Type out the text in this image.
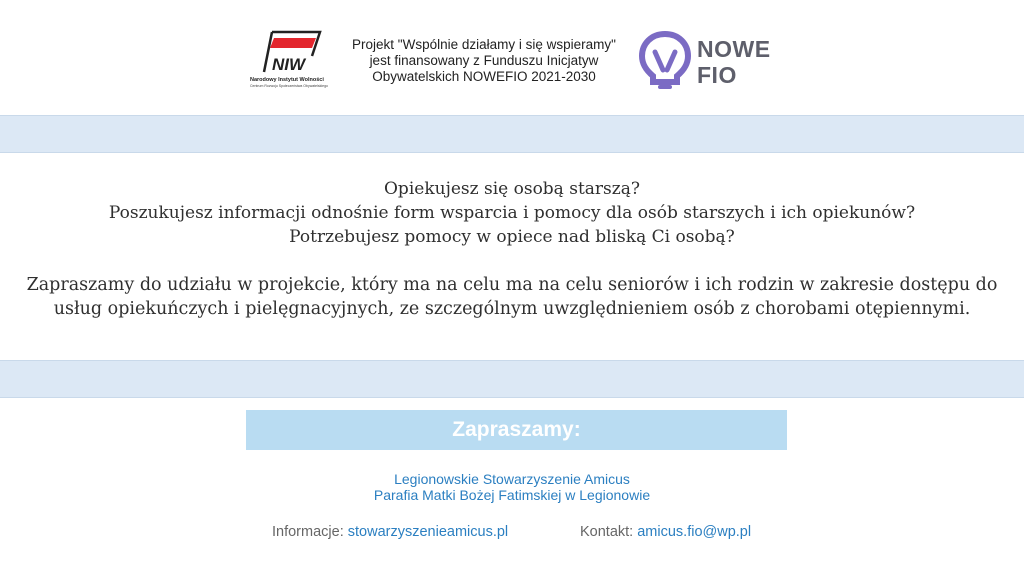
NIW
Narodowy Instytut Wolności
Centrum Rozwoju Społeczeństwa Obywatelskiego
Projekt "Wspólnie działamy i się wspieramy"
jest finansowany z Funduszu Inicjatyw
Obywatelskich NOWEFIO 2021-2030
NOWE
FIO

Opiekujesz się osobą starszą?

Poszukujesz informacji odnośnie form wsparcia i pomocy dla osób starszych i ich opiekunów?

Potrzebujesz pomocy w opiece nad bliską Ci osobą?

Zapraszamy do udziału w projekcie, który ma na celu ma na celu seniorów i ich rodzin w zakresie dostępu do

usług opiekuńczych i pielęgnacyjnych, ze szczególnym uwzględnieniem osób z chorobami otępiennymi.

Zapraszamy:
Legionowskie Stowarzyszenie Amicus
Parafia Matki Bożej Fatimskiej w Legionowie
Informacje: stowarzyszenieamicus.pl	Kontakt: amicus.fio@wp.pl
